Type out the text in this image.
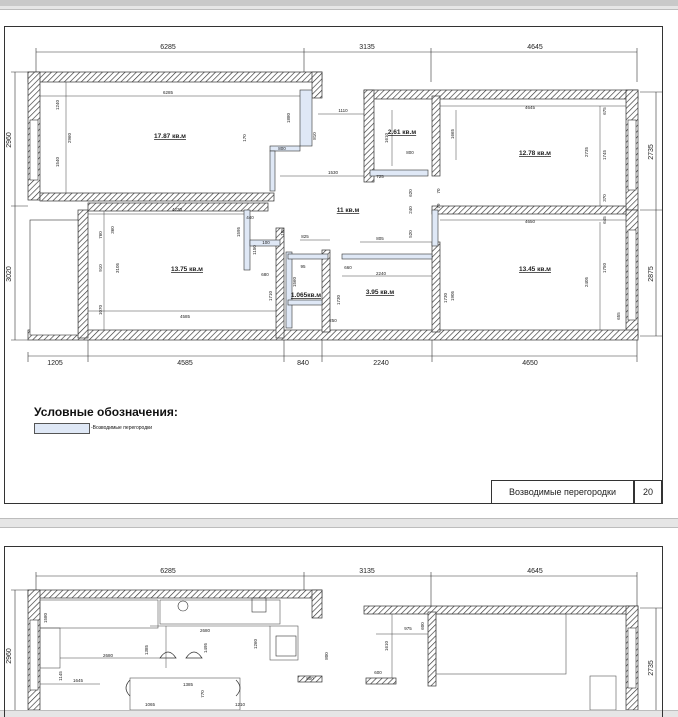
6285	3135	4645
1205	4585	840	2240	4650
2960
3020
2735
2875
17.87 кв.м
2.61 кв.м
12.78 кв.м
11 кв.м
13.75 кв.м
1.065кв.м	3.95 кв.м
13.45 кв.м
6285
1240
2960
1540
4220
1110
1880
810
170
800
1530
725
800
1610	1665
4645	675
2735	1745
370
4650	645
3105
910
1070
4585
760
360
1150
1595	825	805
680
95	660
2240
1730
1710
1560
250
1730 1905
2405
1750
655
620
240
79
70
520
440
100
185
Условные обозначения:
-Возводимые перегородки
Возводимые перегородки	20
6285	3135	4645
2960
2735
1580
2680
2680
1385	1495	1260
800
800
1145 1645
1385
770
1065	1210
975 600
1610
600
